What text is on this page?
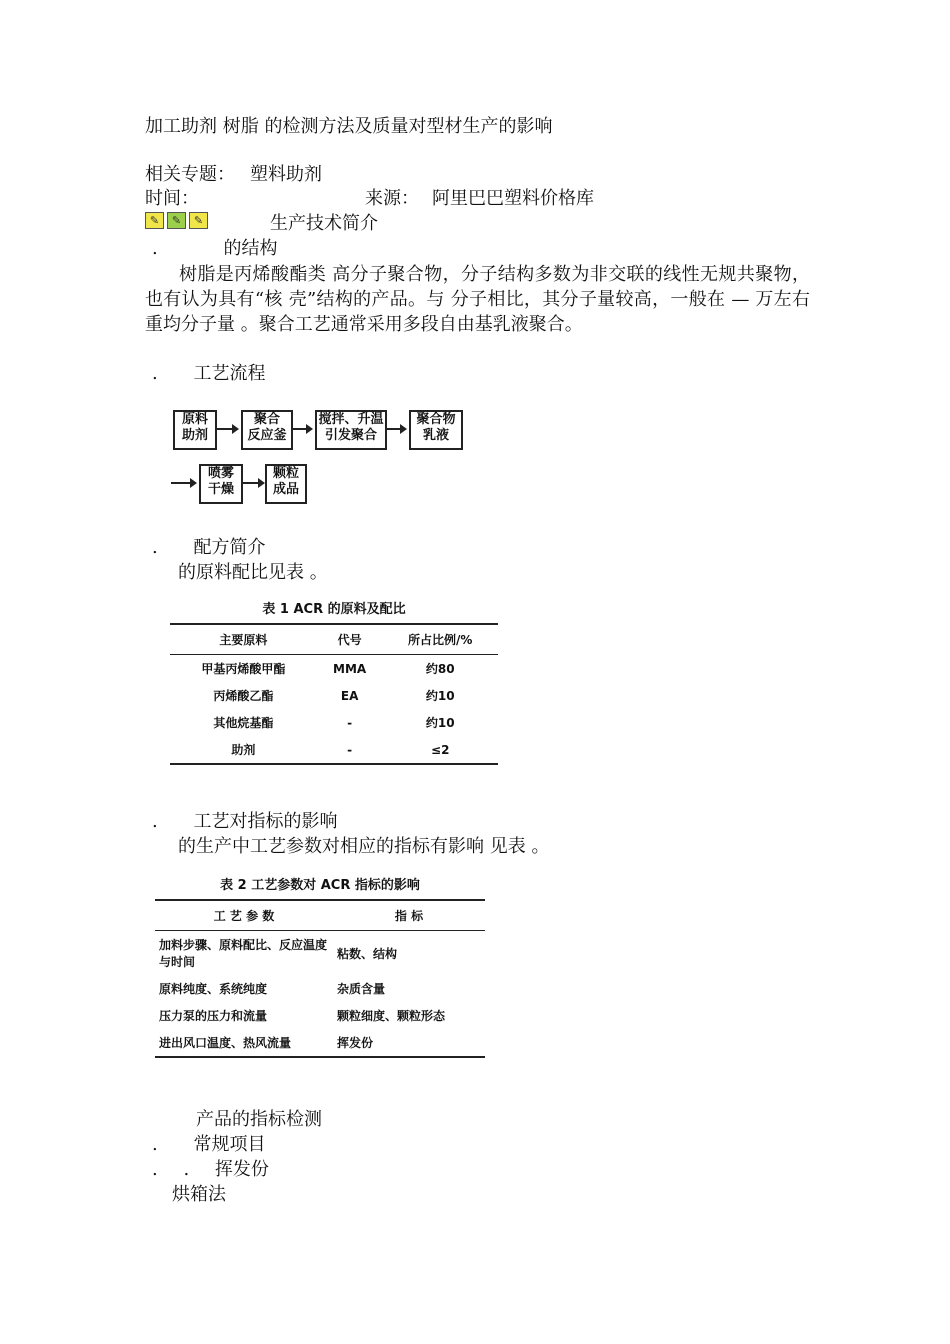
加工助剂 树脂 的检测方法及质量对型材生产的影响
相关专题： 塑料助剂
时间：	来源： 阿里巴巴塑料价格库
✎	✎	✎	生产技术简介
. 的结构
树脂是丙烯酸酯类 高分子聚合物，分子结构多数为非交联的线性无规共聚物，也有认为具有“核 壳”结构的产品。与 分子相比，其分子量较高，一般在 — 万左右 重均分子量 。聚合工艺通常采用多段自由基乳液聚合。
. 工艺流程
原料
助剂
聚合
反应釜
搅拌、升温
引发聚合
聚合物
乳液
喷雾
干燥
颗粒
成品
. 配方简介
的原料配比见表 。
表 1 ACR 的原料及配比
主要原料	代号	所占比例/%
甲基丙烯酸甲酯	MMA	约80
丙烯酸乙酯	EA	约10
其他烷基酯	-	约10
助剂	-	≤2
. 工艺对指标的影响
的生产中工艺参数对相应的指标有影响 见表 。
表 2 工艺参数对 ACR 指标的影响
工 艺 参 数	指 标
加料步骤、原料配比、反应温度与时间	粘数、结构
原料纯度、系统纯度	杂质含量
压力泵的压力和流量	颗粒细度、颗粒形态
进出风口温度、热风流量	挥发份
产品的指标检测
. 常规项目
. . 挥发份
烘箱法
